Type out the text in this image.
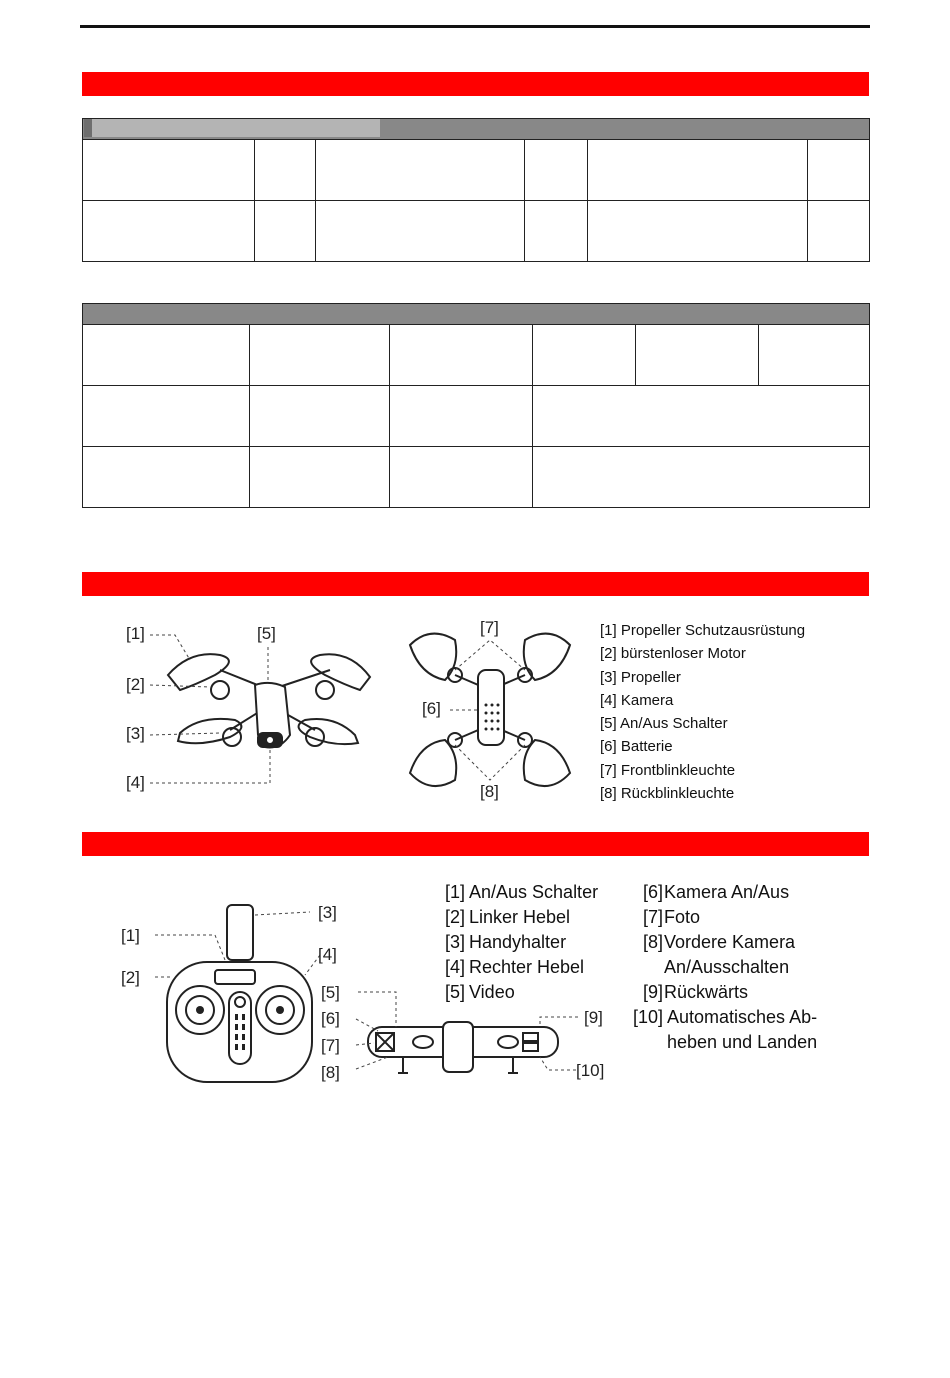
[1]
[2]
[3]
[4]
[5]	[7]
[6]
[8]
[1] Propeller Schutzausrüstung
[2] bürstenloser Motor
[3] Propeller
[4] Kamera
[5] An/Aus Schalter
[6] Batterie
[7] Frontblinkleuchte
[8] Rückblinkleuchte
[1]
[2]
[3]
[4]
[5]
[6]
[7]
[8]
[9]
[10]
[1] An/Aus Schalter
[2] Linker Hebel
[3] Handyhalter
[4] Rechter Hebel
[5] Video
[6] Kamera An/Aus
[7] Foto
[8] Vordere Kamera
An/Ausschalten
[9] Rückwärts
[10] Automatisches Ab-
heben und Landen
